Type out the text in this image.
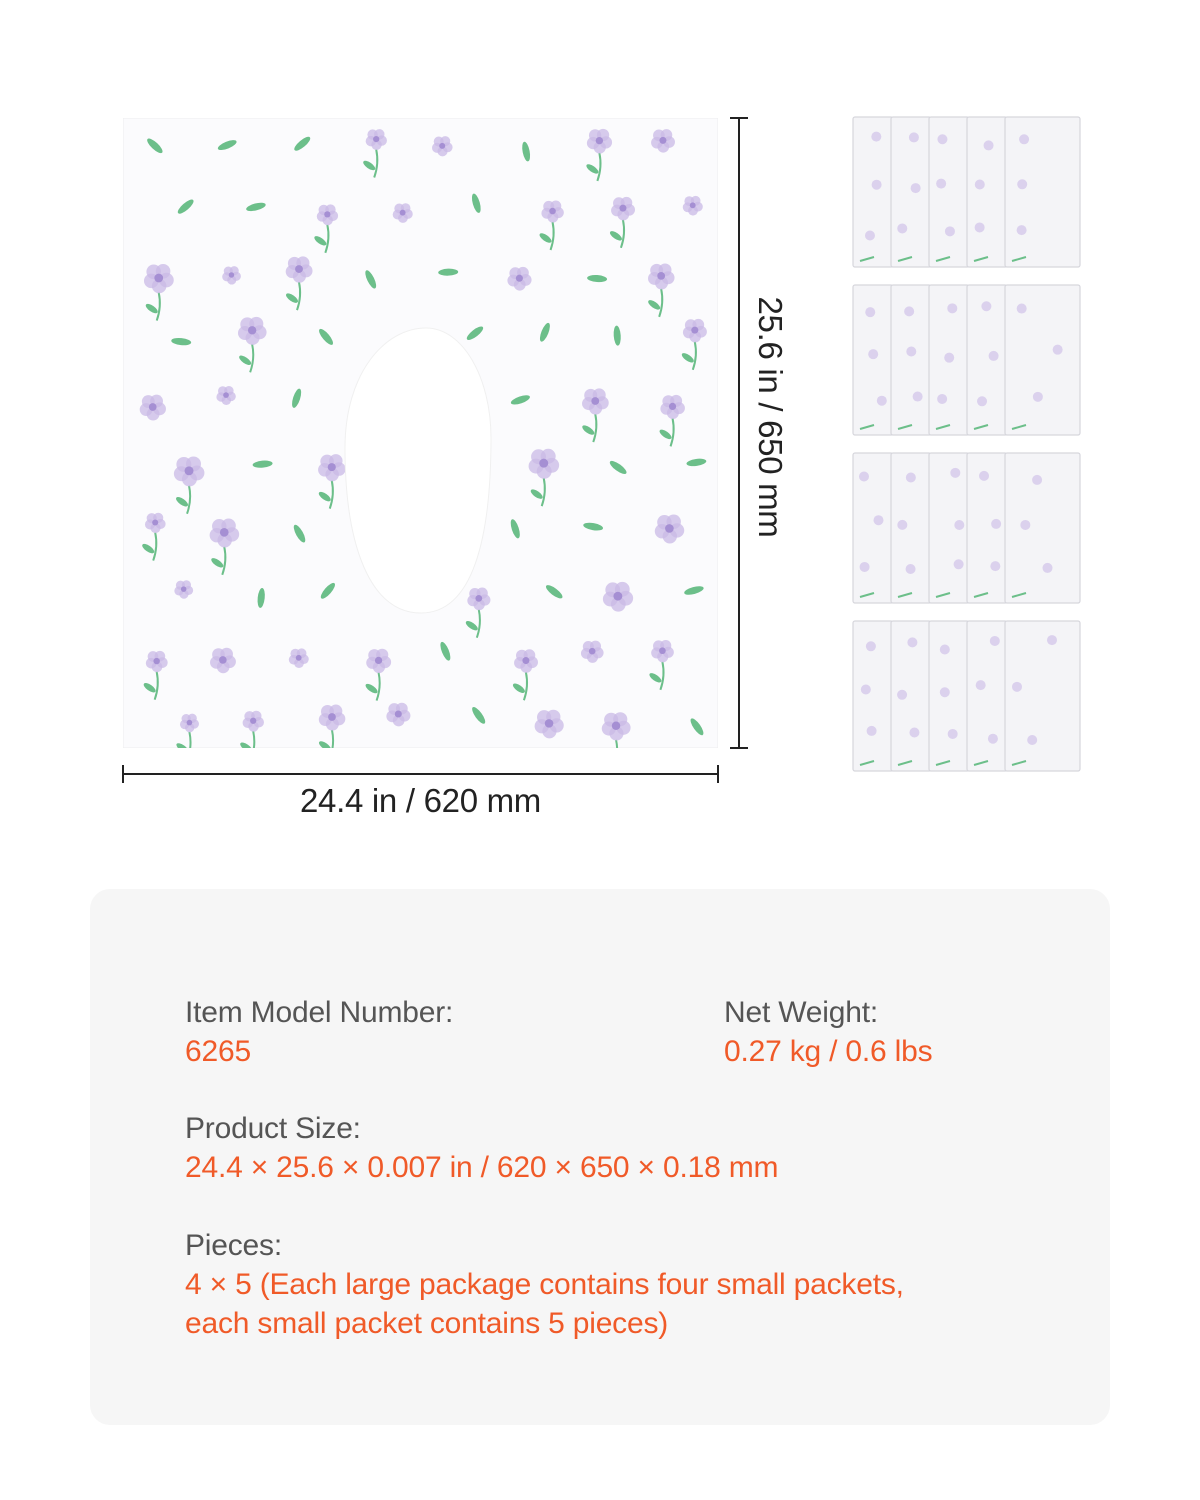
24.4 in / 620 mm
25.6 in / 650 mm
Item Model Number:
6265
Net Weight:
0.27 kg / 0.6 lbs
Product Size:
24.4 × 25.6 × 0.007 in / 620 × 650 × 0.18 mm
Pieces:
4 × 5 (Each large package contains four small packets,
each small packet contains 5 pieces)
